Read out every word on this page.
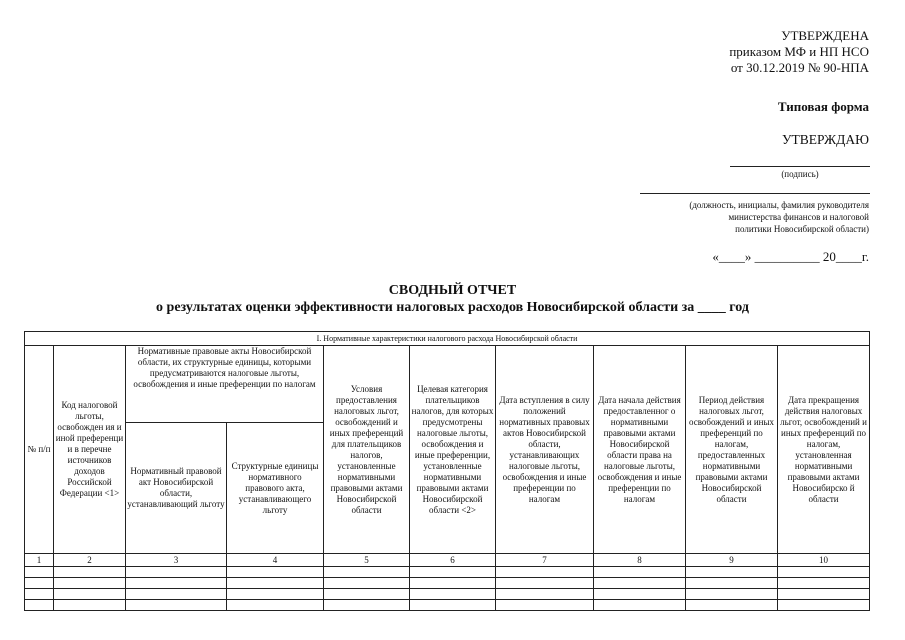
УТВЕРЖДЕНА
приказом МФ и НП НСО
от 30.12.2019 № 90-НПА
Типовая форма
УТВЕРЖДАЮ
(подпись)
(должность, инициалы, фамилия руководителя
министерства финансов и налоговой
политики Новосибирской области)
«____» __________ 20____г.
СВОДНЫЙ ОТЧЕТ
о результатах оценки эффективности налоговых расходов Новосибирской области за ____ год
I. Нормативные характеристики налогового расхода Новосибирской области									
№ п/п	Код налоговой льготы, освобожден ия и иной преференци и в перечне источников доходов Российской Федерации <1>	Нормативные правовые акты Новосибирской области, их структурные единицы, которыми предусматриваются налоговые льготы, освобождения и иные преференции по налогам		Условия предоставления налоговых льгот, освобождений и иных преференций для плательщиков налогов, установленные нормативными правовыми актами Новосибирской области	Целевая категория плательщиков налогов, для которых предусмотрены налоговые льготы, освобождения и иные преференции, установленные нормативными правовыми актами Новосибирской области <2>	Дата вступления в силу положений нормативных правовых актов Новосибирской области, устанавливающих налоговые льготы, освобождения и иные преференции по налогам	Дата начала действия предоставленног о нормативными правовыми актами Новосибирской области права на налоговые льготы, освобождения и иные преференции по налогам	Период действия налоговых льгот, освобождений и иных преференций по налогам, предоставленных нормативными правовыми актами Новосибирской области	Дата прекращения действия налоговых льгот, освобождений и иных преференций по налогам, установленная нормативными правовыми актами Новосибирско й области
		Нормативный правовой акт Новосибирской области, устанавливающий льготу	Структурные единицы нормативного правового акта, устанавливающего льготу						
1	2	3	4	5	6	7	8	9	10
